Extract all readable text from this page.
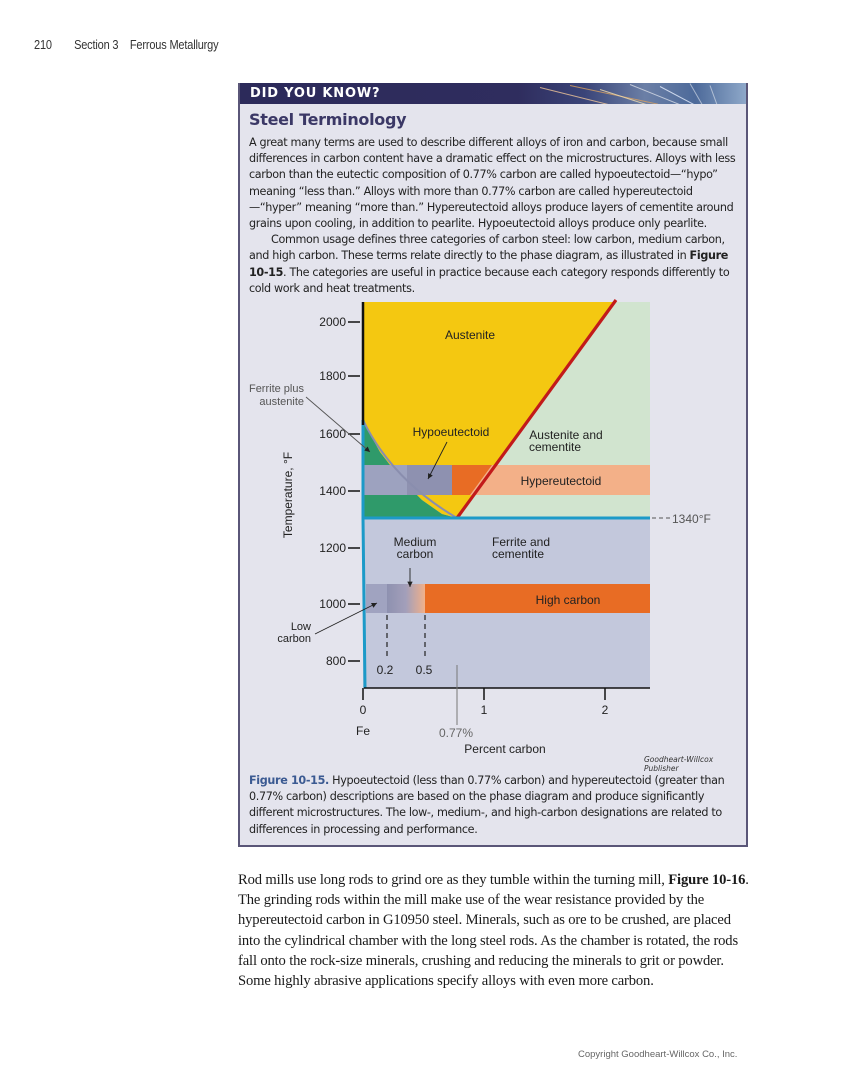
210 Section 3 Ferrous Metallurgy
DID YOU KNOW?
Steel Terminology

A great many terms are used to describe different alloys of iron and carbon, because small differences in carbon content have a dramatic effect on the microstructures. Alloys with less carbon than the eutectic composition of 0.77% carbon are called hypoeutectoid—“hypo” meaning “less than.” Alloys with more than 0.77% carbon are called hypereutectoid—“hyper” meaning “more than.” Hypereutectoid alloys produce layers of cementite around grains upon cooling, in addition to pearlite. Hypoeutectoid alloys produce only pearlite.

Common usage defines three categories of carbon steel: low carbon, medium carbon, and high carbon. These terms relate directly to the phase diagram, as illustrated in Figure 10-15. The categories are useful in practice because each category responds differently to cold work and heat treatments.

2000
1800
1600
1400
1200
1000
800
0	1	2
Fe	0.77%
Percent carbon
0.2 0.5
Temperature, °F	1340°F
Austenite
Hypoeutectoid	Austenite and
cementite
Hypereutectoid
Medium
carbon
Ferrite and
cementite
High carbon
Ferrite plus
austenite
Low
carbon
Goodheart-Willcox Publisher
Figure 10-15. Hypoeutectoid (less than 0.77% carbon) and hypereutectoid (greater than 0.77% carbon) descriptions are based on the phase diagram and produce significantly different microstructures. The low-, medium-, and high-carbon designations are related to differences in processing and performance.

Rod mills use long rods to grind ore as they tumble within the turning mill, Figure 10-16. The grinding rods within the mill make use of the wear resistance provided by the hypereutectoid carbon in G10950 steel. Minerals, such as ore to be crushed, are placed into the cylindrical chamber with the long steel rods. As the chamber is rotated, the rods fall onto the rock-size minerals, crushing and reducing the minerals to grit or powder. Some highly abrasive applications specify alloys with even more carbon.

Copyright Goodheart-Willcox Co., Inc.
